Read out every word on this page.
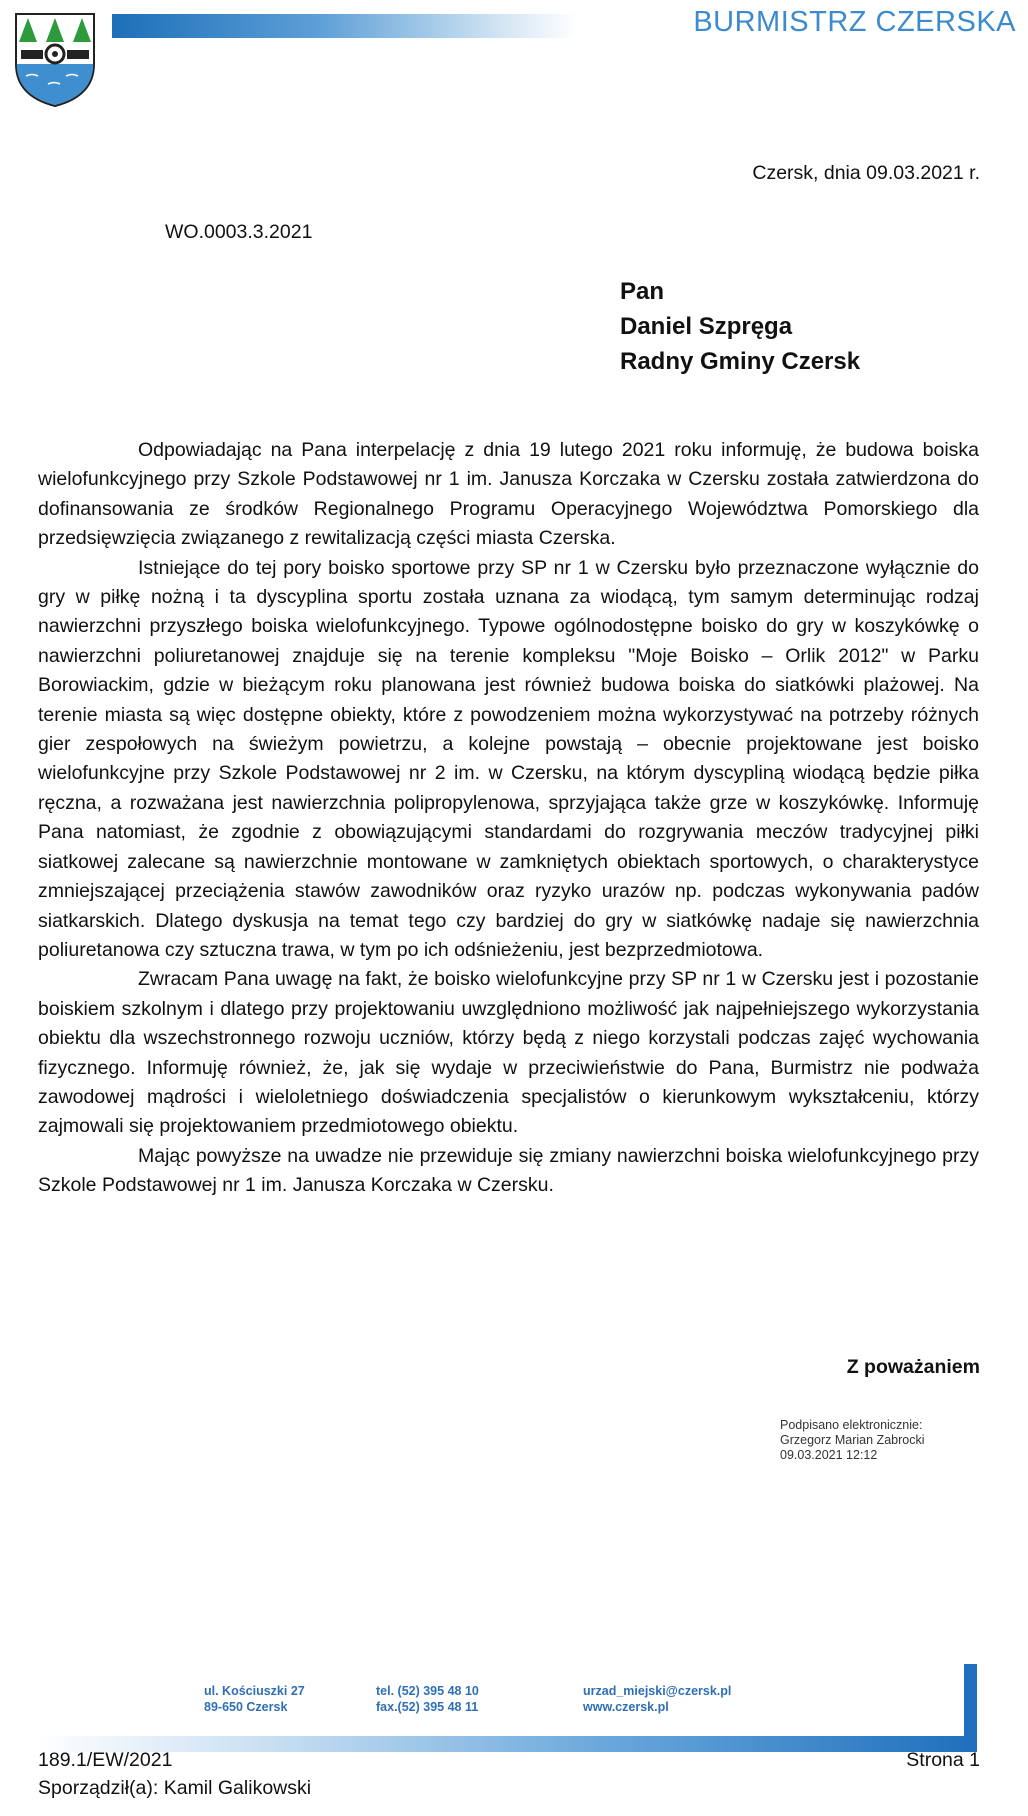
BURMISTRZ CZERSKA
Czersk, dnia 09.03.2021 r.
WO.0003.3.2021
Pan
Daniel Szpręga
Radny Gminy Czersk

Odpowiadając na Pana interpelację z dnia 19 lutego 2021 roku informuję, że budowa boiska wielofunkcyjnego przy Szkole Podstawowej nr 1 im. Janusza Korczaka w Czersku została zatwierdzona do dofinansowania ze środków Regionalnego Programu Operacyjnego Województwa Pomorskiego dla przedsięwzięcia związanego z rewitalizacją części miasta Czerska.

Istniejące do tej pory boisko sportowe przy SP nr 1 w Czersku było przeznaczone wyłącznie do gry w piłkę nożną i ta dyscyplina sportu została uznana za wiodącą, tym samym determinując rodzaj nawierzchni przyszłego boiska wielofunkcyjnego. Typowe ogólnodostępne boisko do gry w koszykówkę o nawierzchni poliuretanowej znajduje się na terenie kompleksu "Moje Boisko – Orlik 2012" w Parku Borowiackim, gdzie w bieżącym roku planowana jest również budowa boiska do siatkówki plażowej. Na terenie miasta są więc dostępne obiekty, które z powodzeniem można wykorzystywać na potrzeby różnych gier zespołowych na świeżym powietrzu, a kolejne powstają – obecnie projektowane jest boisko wielofunkcyjne przy Szkole Podstawowej nr 2 im. w Czersku, na którym dyscypliną wiodącą będzie piłka ręczna, a rozważana jest nawierzchnia polipropylenowa, sprzyjająca także grze w koszykówkę. Informuję Pana natomiast, że zgodnie z obowiązującymi standardami do rozgrywania meczów tradycyjnej piłki siatkowej zalecane są nawierzchnie montowane w zamkniętych obiektach sportowych, o charakterystyce zmniejszającej przeciążenia stawów zawodników oraz ryzyko urazów np. podczas wykonywania padów siatkarskich. Dlatego dyskusja na temat tego czy bardziej do gry w siatkówkę nadaje się nawierzchnia poliuretanowa czy sztuczna trawa, w tym po ich odśnieżeniu, jest bezprzedmiotowa.

Zwracam Pana uwagę na fakt, że boisko wielofunkcyjne przy SP nr 1 w Czersku jest i pozostanie boiskiem szkolnym i dlatego przy projektowaniu uwzględniono możliwość jak najpełniejszego wykorzystania obiektu dla wszechstronnego rozwoju uczniów, którzy będą z niego korzystali podczas zajęć wychowania fizycznego. Informuję również, że, jak się wydaje w przeciwieństwie do Pana, Burmistrz nie podważa zawodowej mądrości i wieloletniego doświadczenia specjalistów o kierunkowym wykształceniu, którzy zajmowali się projektowaniem przedmiotowego obiektu.

Mając powyższe na uwadze nie przewiduje się zmiany nawierzchni boiska wielofunkcyjnego przy Szkole Podstawowej nr 1 im. Janusza Korczaka w Czersku.

Z poważaniem
Podpisano elektronicznie:
Grzegorz Marian Zabrocki
09.03.2021 12:12
ul. Kościuszki 27
89-650 Czersk
tel. (52) 395 48 10
fax.(52) 395 48 11
urzad_miejski@czersk.pl
www.czersk.pl
189.1/EW/2021	Strona 1
Sporządził(a): Kamil Galikowski
